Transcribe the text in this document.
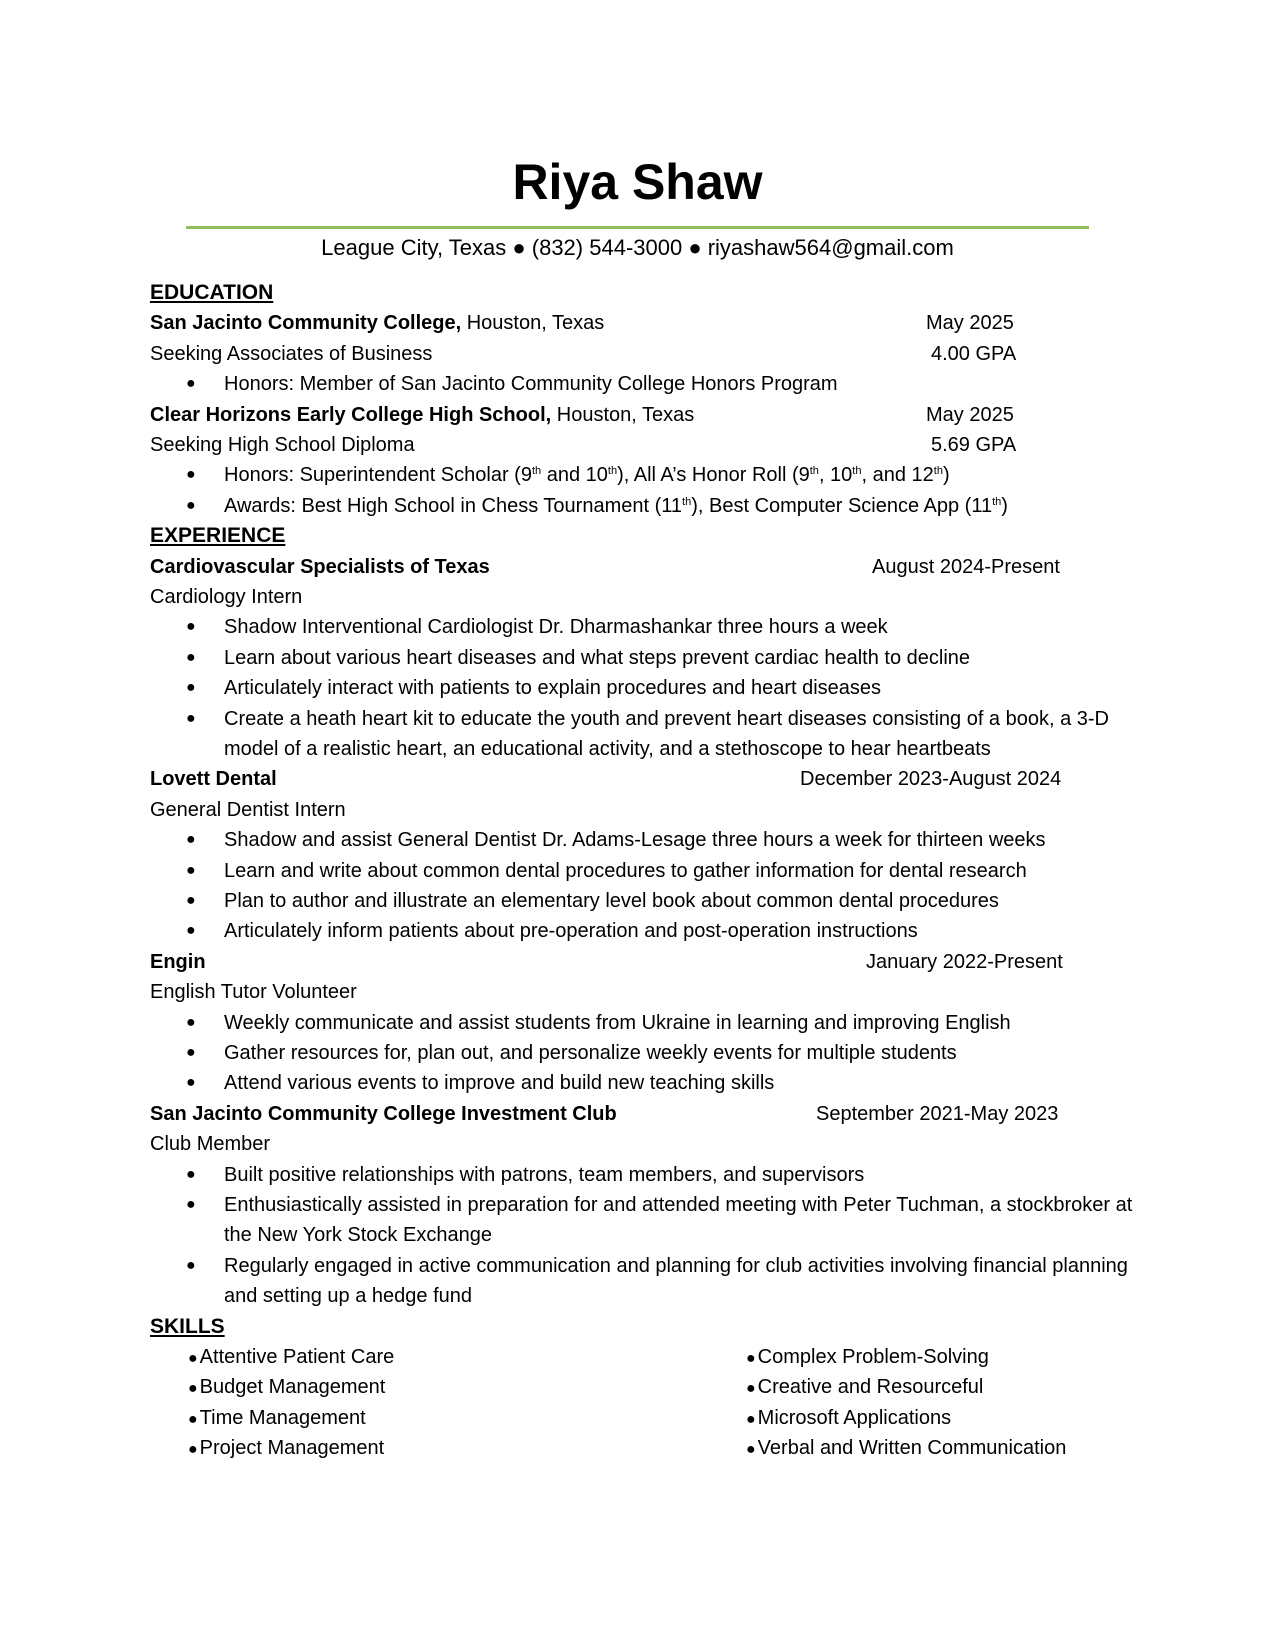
Riya Shaw
League City, Texas ● (832) 544-3000 ● riyashaw564@gmail.com
EDUCATION
San Jacinto Community College, Houston, Texas	May 2025
Seeking Associates of Business	4.00 GPA
● Honors: Member of San Jacinto Community College Honors Program
Clear Horizons Early College High School, Houston, Texas	May 2025
Seeking High School Diploma	5.69 GPA
● Honors: Superintendent Scholar (9th and 10th), All A’s Honor Roll (9th, 10th, and 12th)
● Awards: Best High School in Chess Tournament (11th), Best Computer Science App (11th)
EXPERIENCE
Cardiovascular Specialists of Texas	August 2024-Present
Cardiology Intern
● Shadow Interventional Cardiologist Dr. Dharmashankar three hours a week
● Learn about various heart diseases and what steps prevent cardiac health to decline
● Articulately interact with patients to explain procedures and heart diseases
● Create a heath heart kit to educate the youth and prevent heart diseases consisting of a book, a 3-D model of a realistic heart, an educational activity, and a stethoscope to hear heartbeats
Lovett Dental	December 2023-August 2024
General Dentist Intern
● Shadow and assist General Dentist Dr. Adams-Lesage three hours a week for thirteen weeks
● Learn and write about common dental procedures to gather information for dental research
● Plan to author and illustrate an elementary level book about common dental procedures
● Articulately inform patients about pre-operation and post-operation instructions
Engin	January 2022-Present
English Tutor Volunteer
● Weekly communicate and assist students from Ukraine in learning and improving English
● Gather resources for, plan out, and personalize weekly events for multiple students
● Attend various events to improve and build new teaching skills
San Jacinto Community College Investment Club	September 2021-May 2023
Club Member
● Built positive relationships with patrons, team members, and supervisors
● Enthusiastically assisted in preparation for and attended meeting with Peter Tuchman, a stockbroker at the New York Stock Exchange
● Regularly engaged in active communication and planning for club activities involving financial planning and setting up a hedge fund
SKILLS
● Attentive Patient Care
● Budget Management
● Time Management
● Project Management
● Complex Problem-Solving
● Creative and Resourceful
● Microsoft Applications
● Verbal and Written Communication
